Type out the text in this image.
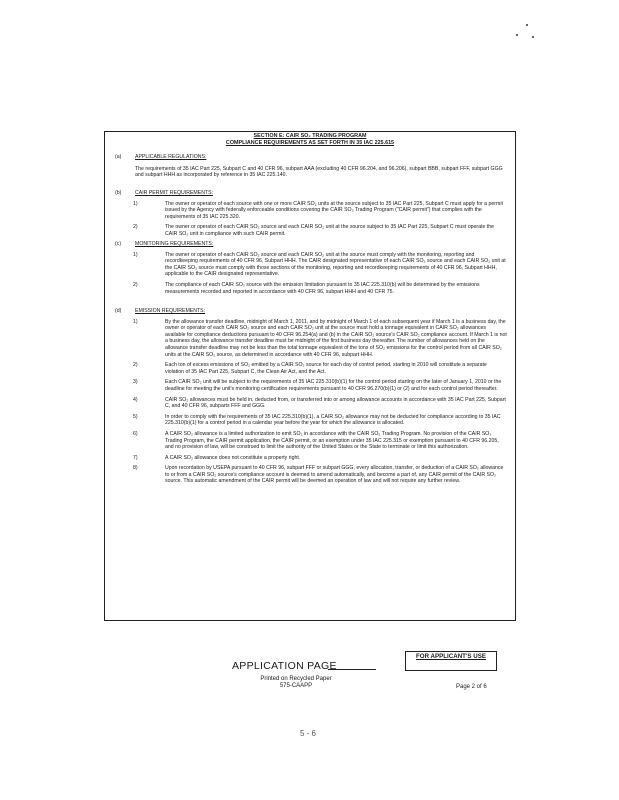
SECTION E: CAIR SO₂ TRADING PROGRAM
COMPLIANCE REQUIREMENTS AS SET FORTH IN 35 IAC 225.615
(a)	APPLICABLE REGULATIONS:
The requirements of 35 IAC Part 225, Subpart C and 40 CFR 96, subpart AAA (excluding 40 CFR 96.204, and 96.206), subpart BBB, subpart FFF, subpart GGG and subpart HHH as incorporated by reference in 35 IAC 225.140.
(b)	CAIR PERMIT REQUIREMENTS:
1)	The owner or operator of each source with one or more CAIR SO₂ units at the source subject to 35 IAC Part 225, Subpart C must apply for a permit issued by the Agency with federally enforceable conditions covering the CAIR SO₂ Trading Program ("CAIR permit") that complies with the requirements of 35 IAC 225.320.
2)	The owner or operator of each CAIR SO₂ source and each CAIR SO₂ unit at the source subject to 35 IAC Part 225, Subpart C must operate the CAIR SO₂ unit in compliance with such CAIR permit.
(c)	MONITORING REQUIREMENTS:
1)	The owner or operator of each CAIR SO₂ source and each CAIR SO₂ unit at the source must comply with the monitoring, reporting and recordkeeping requirements of 40 CFR 96, Subpart HHH. The CAIR designated representative of each CAIR SO₂ source and each CAIR SO₂ unit at the CAIR SO₂ source must comply with those sections of the monitoring, reporting and recordkeeping requirements of 40 CFR 96, Subpart HHH, applicable to the CAIR designated representative.
2)	The compliance of each CAIR SO₂ source with the emission limitation pursuant to 35 IAC 225.310(b) will be determined by the emissions measurements recorded and reported in accordance with 40 CFR 96, subpart HHH and 40 CFR 75.
(d)	EMISSION REQUIREMENTS:
1)	By the allowance transfer deadline, midnight of March 1, 2011, and by midnight of March 1 of each subsequent year if March 1 is a business day, the owner or operator of each CAIR SO₂ source and each CAIR SO₂ unit at the source must hold a tonnage equivalent in CAIR SO₂ allowances available for compliance deductions pursuant to 40 CFR 96.254(a) and (b) in the CAIR SO₂ source's CAIR SO₂ compliance account. If March 1 is not a business day, the allowance transfer deadline must be midnight of the first business day thereafter. The number of allowances held on the allowance transfer deadline may not be less than the total tonnage equivalent of the tons of SO₂ emissions for the control period from all CAIR SO₂ units at the CAIR SO₂ source, as determined in accordance with 40 CFR 96, subpart HHH.
2)	Each ton of excess emissions of SO₂ emitted by a CAIR SO₂ source for each day of control period, starting in 2010 will constitute a separate violation of 35 IAC Part 225, Subpart C, the Clean Air Act, and the Act.
3)	Each CAIR SO₂ unit will be subject to the requirements of 35 IAC 225.310(b)(1) for the control period starting on the later of January 1, 2010 or the deadline for meeting the unit's monitoring certification requirements pursuant to 40 CFR 96.270(b)(1) or (2) and for each control period thereafter.
4)	CAIR SO₂ allowances must be held in, deducted from, or transferred into or among allowance accounts in accordance with 35 IAC Part 225, Subpart C, and 40 CFR 96, subparts FFF and GGG.
5)	In order to comply with the requirements of 35 IAC 225.310(b)(1), a CAIR SO₂ allowance may not be deducted for compliance according to 35 IAC 225.310(b)(1) for a control period in a calendar year before the year for which the allowance is allocated.
6)	A CAIR SO₂ allowance is a limited authorization to emit SO₂ in accordance with the CAIR SO₂ Trading Program. No provision of the CAIR SO₂ Trading Program, the CAIR permit application, the CAIR permit, or an exemption under 35 IAC 225.315 or exemption pursuant to 40 CFR 96.205, and no provision of law, will be construed to limit the authority of the United States or the State to terminate or limit this authorization.
7)	A CAIR SO₂ allowance does not constitute a property right.
8)	Upon recordation by USEPA pursuant to 40 CFR 96, subpart FFF or subpart GGG, every allocation, transfer, or deduction of a CAIR SO₂ allowance to or from a CAIR SO₂ source's compliance account is deemed to amend automatically, and become a part of, any CAIR permit of the CAIR SO₂ source. This automatic amendment of the CAIR permit will be deemed an operation of law and will not require any further review.
APPLICATION PAGE
FOR APPLICANT'S USE
Printed on Recycled Paper
575-CAAPP	Page 2 of 6
5 - 6
